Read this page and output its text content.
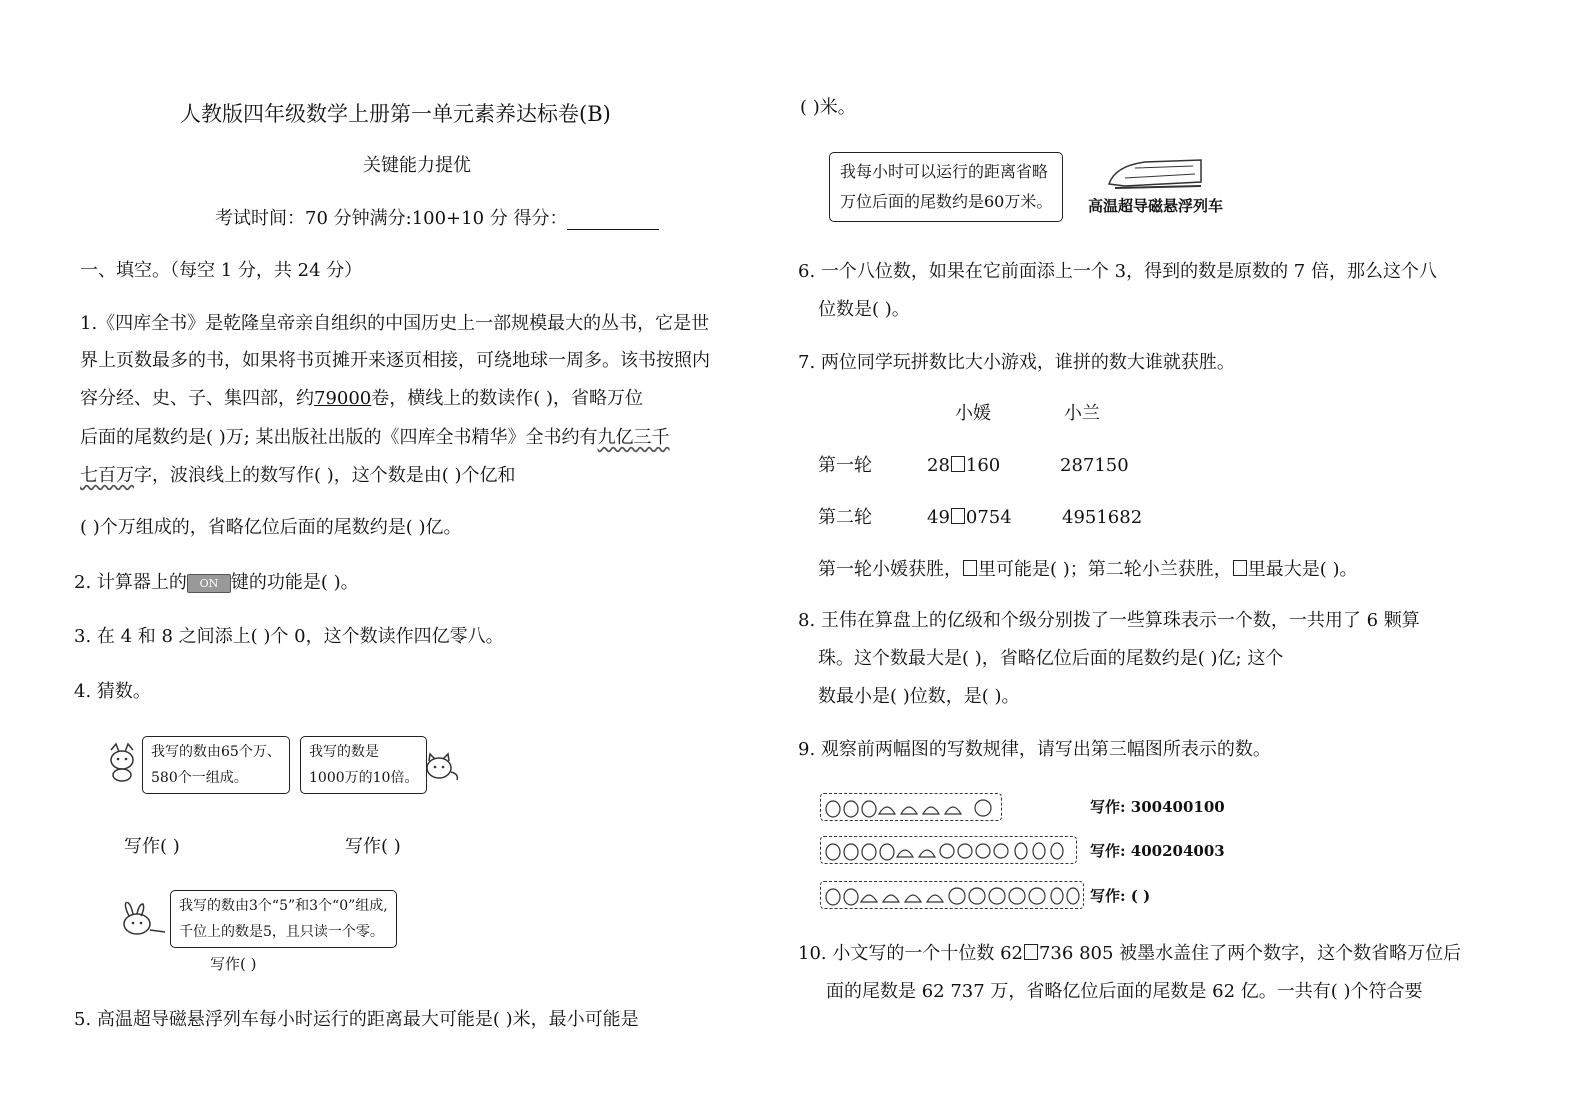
人教版四年级数学上册第一单元素养达标卷(B)
关键能力提优
考试时间：70 分钟满分:100+10 分 得分：
一、填空。（每空 1 分，共 24 分）
1.《四库全书》是乾隆皇帝亲自组织的中国历史上一部规模最大的丛书，它是世
界上页数最多的书，如果将书页摊开来逐页相接，可绕地球一周多。该书按照内
容分经、史、子、集四部，约79000卷，横线上的数读作( )，省略万位
后面的尾数约是( )万; 某出版社出版的《四库全书精华》全书约有九亿三千
七百万字，波浪线上的数写作( )，这个数是由( )个亿和
( )个万组成的，省略亿位后面的尾数约是( )亿。
2. 计算器上的 ON 键的功能是( )。
3. 在 4 和 8 之间添上( )个 0，这个数读作四亿零八。
4. 猜数。
我写的数由65个万、
580个一组成。
我写的数是
1000万的10倍。
写作( )	写作( )
我写的数由3个“5”和3个“0”组成,
千位上的数是5，且只读一个零。
写作( )
5. 高温超导磁悬浮列车每小时运行的距离最大可能是( )米，最小可能是
( )米。
我每小时可以运行的距离省略
万位后面的尾数约是60万米。 高温超导磁悬浮列车
6. 一个八位数，如果在它前面添上一个 3，得到的数是原数的 7 倍，那么这个八
位数是( )。
7. 两位同学玩拼数比大小游戏，谁拼的数大谁就获胜。
小媛	小兰
第一轮	28 160	287150
第二轮	49 0754	4951682
第一轮小媛获胜， 里可能是( )；第二轮小兰获胜， 里最大是( )。
8. 王伟在算盘上的亿级和个级分别拨了一些算珠表示一个数，一共用了 6 颗算
珠。这个数最大是( )，省略亿位后面的尾数约是( )亿; 这个
数最小是( )位数，是( )。
9. 观察前两幅图的写数规律，请写出第三幅图所表示的数。
写作: 300400100
写作: 400204003
写作: ( )
10. 小文写的一个十位数 62 736 805 被墨水盖住了两个数字，这个数省略万位后
面的尾数是 62 737 万，省略亿位后面的尾数是 62 亿。一共有( )个符合要
